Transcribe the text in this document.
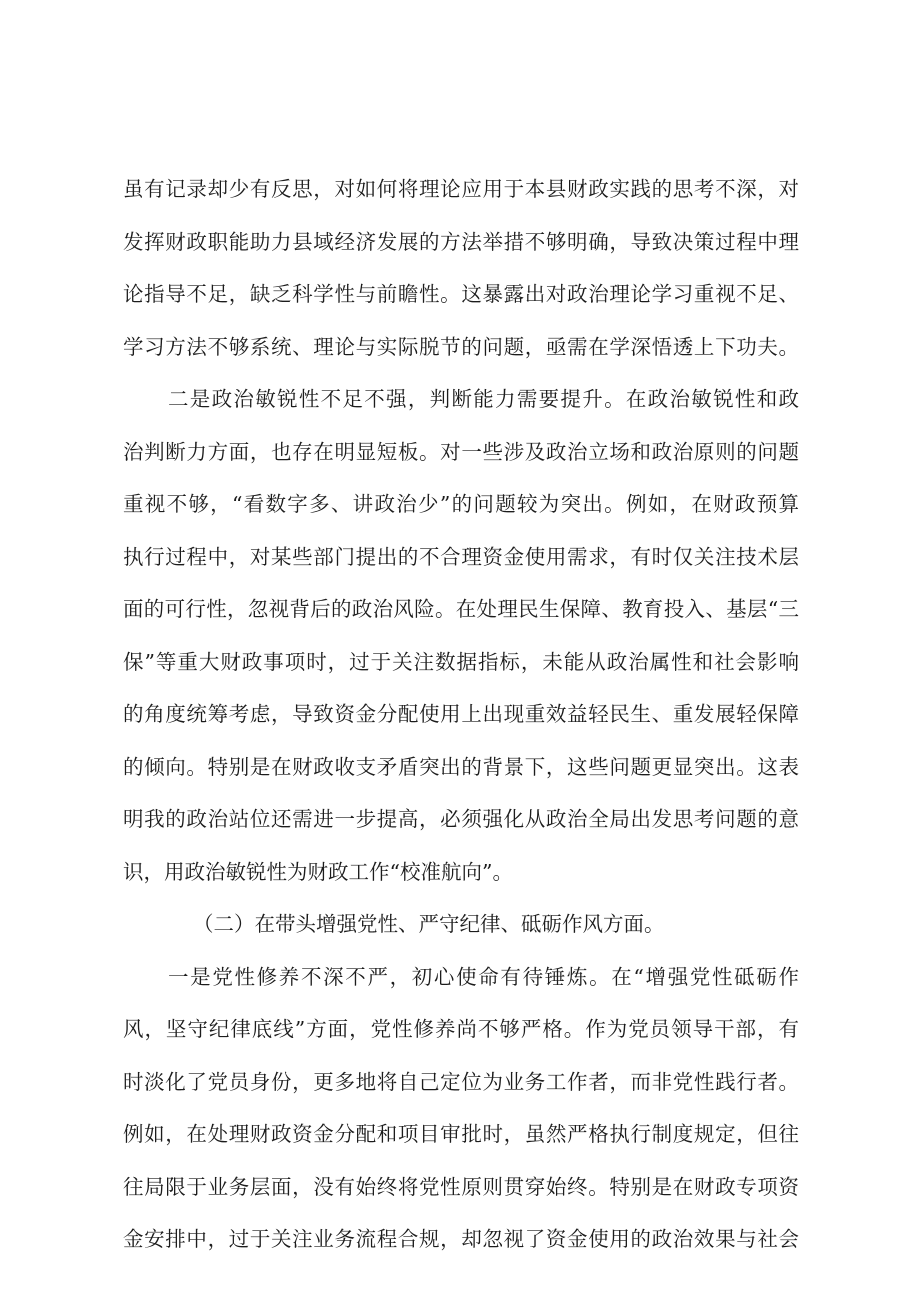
虽有记录却少有反思，对如何将理论应用于本县财政实践的思考不深，对
发挥财政职能助力县域经济发展的方法举措不够明确，导致决策过程中理
论指导不足，缺乏科学性与前瞻性。这暴露出对政治理论学习重视不足、
学习方法不够系统、理论与实际脱节的问题，亟需在学深悟透上下功夫。
二是政治敏锐性不足不强，判断能力需要提升。在政治敏锐性和政
治判断力方面，也存在明显短板。对一些涉及政治立场和政治原则的问题
重视不够，“看数字多、讲政治少”的问题较为突出。例如，在财政预算
执行过程中，对某些部门提出的不合理资金使用需求，有时仅关注技术层
面的可行性，忽视背后的政治风险。在处理民生保障、教育投入、基层“三
保”等重大财政事项时，过于关注数据指标，未能从政治属性和社会影响
的角度统筹考虑，导致资金分配使用上出现重效益轻民生、重发展轻保障
的倾向。特别是在财政收支矛盾突出的背景下，这些问题更显突出。这表
明我的政治站位还需进一步提高，必须强化从政治全局出发思考问题的意
识，用政治敏锐性为财政工作“校准航向”。
（二）在带头增强党性、严守纪律、砥砺作风方面。
一是党性修养不深不严，初心使命有待锤炼。在“增强党性砥砺作
风，坚守纪律底线”方面，党性修养尚不够严格。作为党员领导干部，有
时淡化了党员身份，更多地将自己定位为业务工作者，而非党性践行者。
例如，在处理财政资金分配和项目审批时，虽然严格执行制度规定，但往
往局限于业务层面，没有始终将党性原则贯穿始终。特别是在财政专项资
金安排中，过于关注业务流程合规，却忽视了资金使用的政治效果与社会
